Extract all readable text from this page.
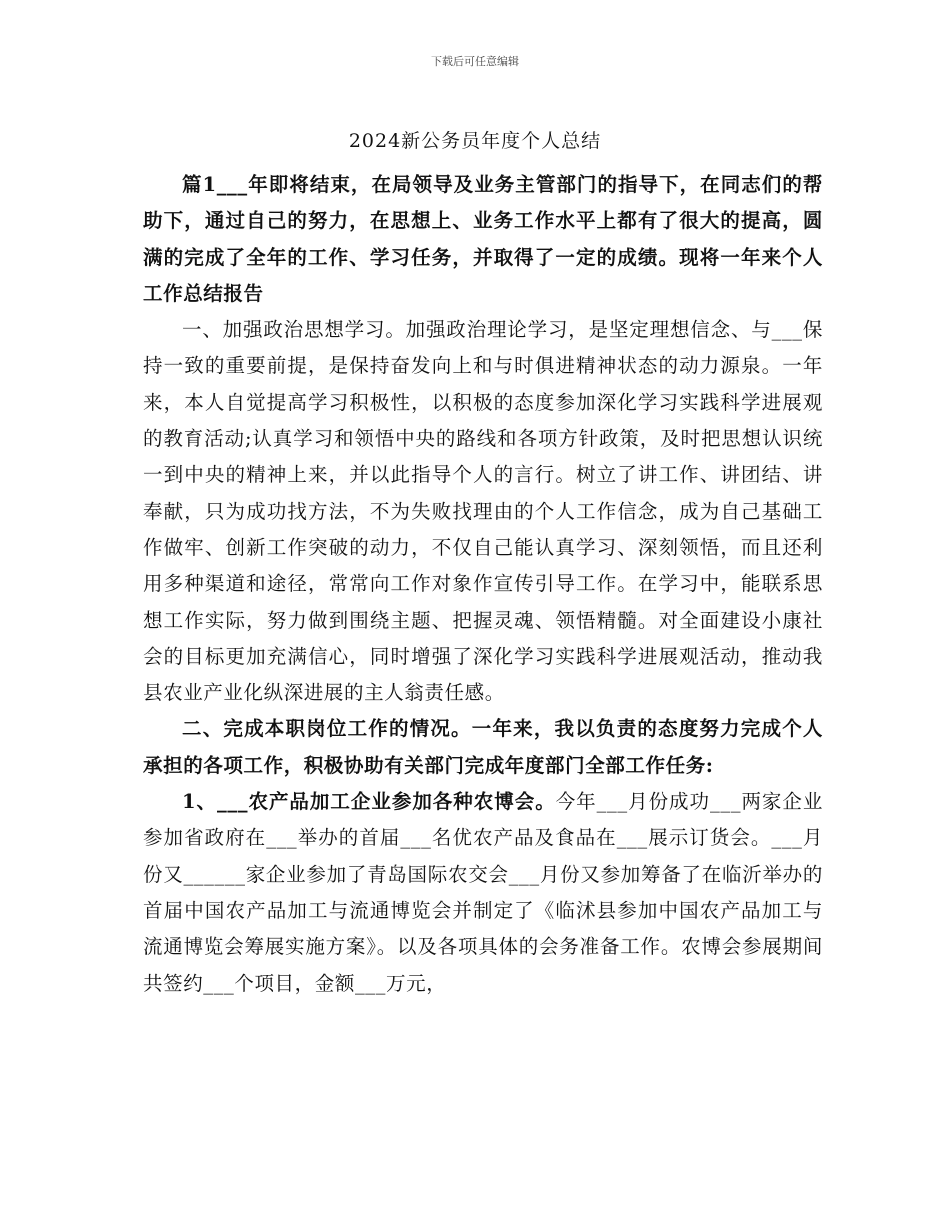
下载后可任意编辑
2024新公务员年度个人总结

篇1___年即将结束，在局领导及业务主管部门的指导下，在同志们的帮助下，通过自己的努力，在思想上、业务工作水平上都有了很大的提高，圆满的完成了全年的工作、学习任务，并取得了一定的成绩。现将一年来个人工作总结报告

一、加强政治思想学习。加强政治理论学习，是坚定理想信念、与___保持一致的重要前提，是保持奋发向上和与时俱进精神状态的动力源泉。一年来，本人自觉提高学习积极性，以积极的态度参加深化学习实践科学进展观的教育活动;认真学习和领悟中央的路线和各项方针政策，及时把思想认识统一到中央的精神上来，并以此指导个人的言行。树立了讲工作、讲团结、讲奉献，只为成功找方法，不为失败找理由的个人工作信念，成为自己基础工作做牢、创新工作突破的动力，不仅自己能认真学习、深刻领悟，而且还利用多种渠道和途径，常常向工作对象作宣传引导工作。在学习中，能联系思想工作实际，努力做到围绕主题、把握灵魂、领悟精髓。对全面建设小康社会的目标更加充满信心，同时增强了深化学习实践科学进展观活动，推动我县农业产业化纵深进展的主人翁责任感。

二、完成本职岗位工作的情况。一年来，我以负责的态度努力完成个人承担的各项工作，积极协助有关部门完成年度部门全部工作任务:

1、___农产品加工企业参加各种农博会。今年___月份成功___两家企业参加省政府在___举办的首届___名优农产品及食品在___展示订货会。___月份又______家企业参加了青岛国际农交会___月份又参加筹备了在临沂举办的首届中国农产品加工与流通博览会并制定了《临沭县参加中国农产品加工与流通博览会筹展实施方案》。以及各项具体的会务准备工作。农博会参展期间共签约___个项目，金额___万元，
